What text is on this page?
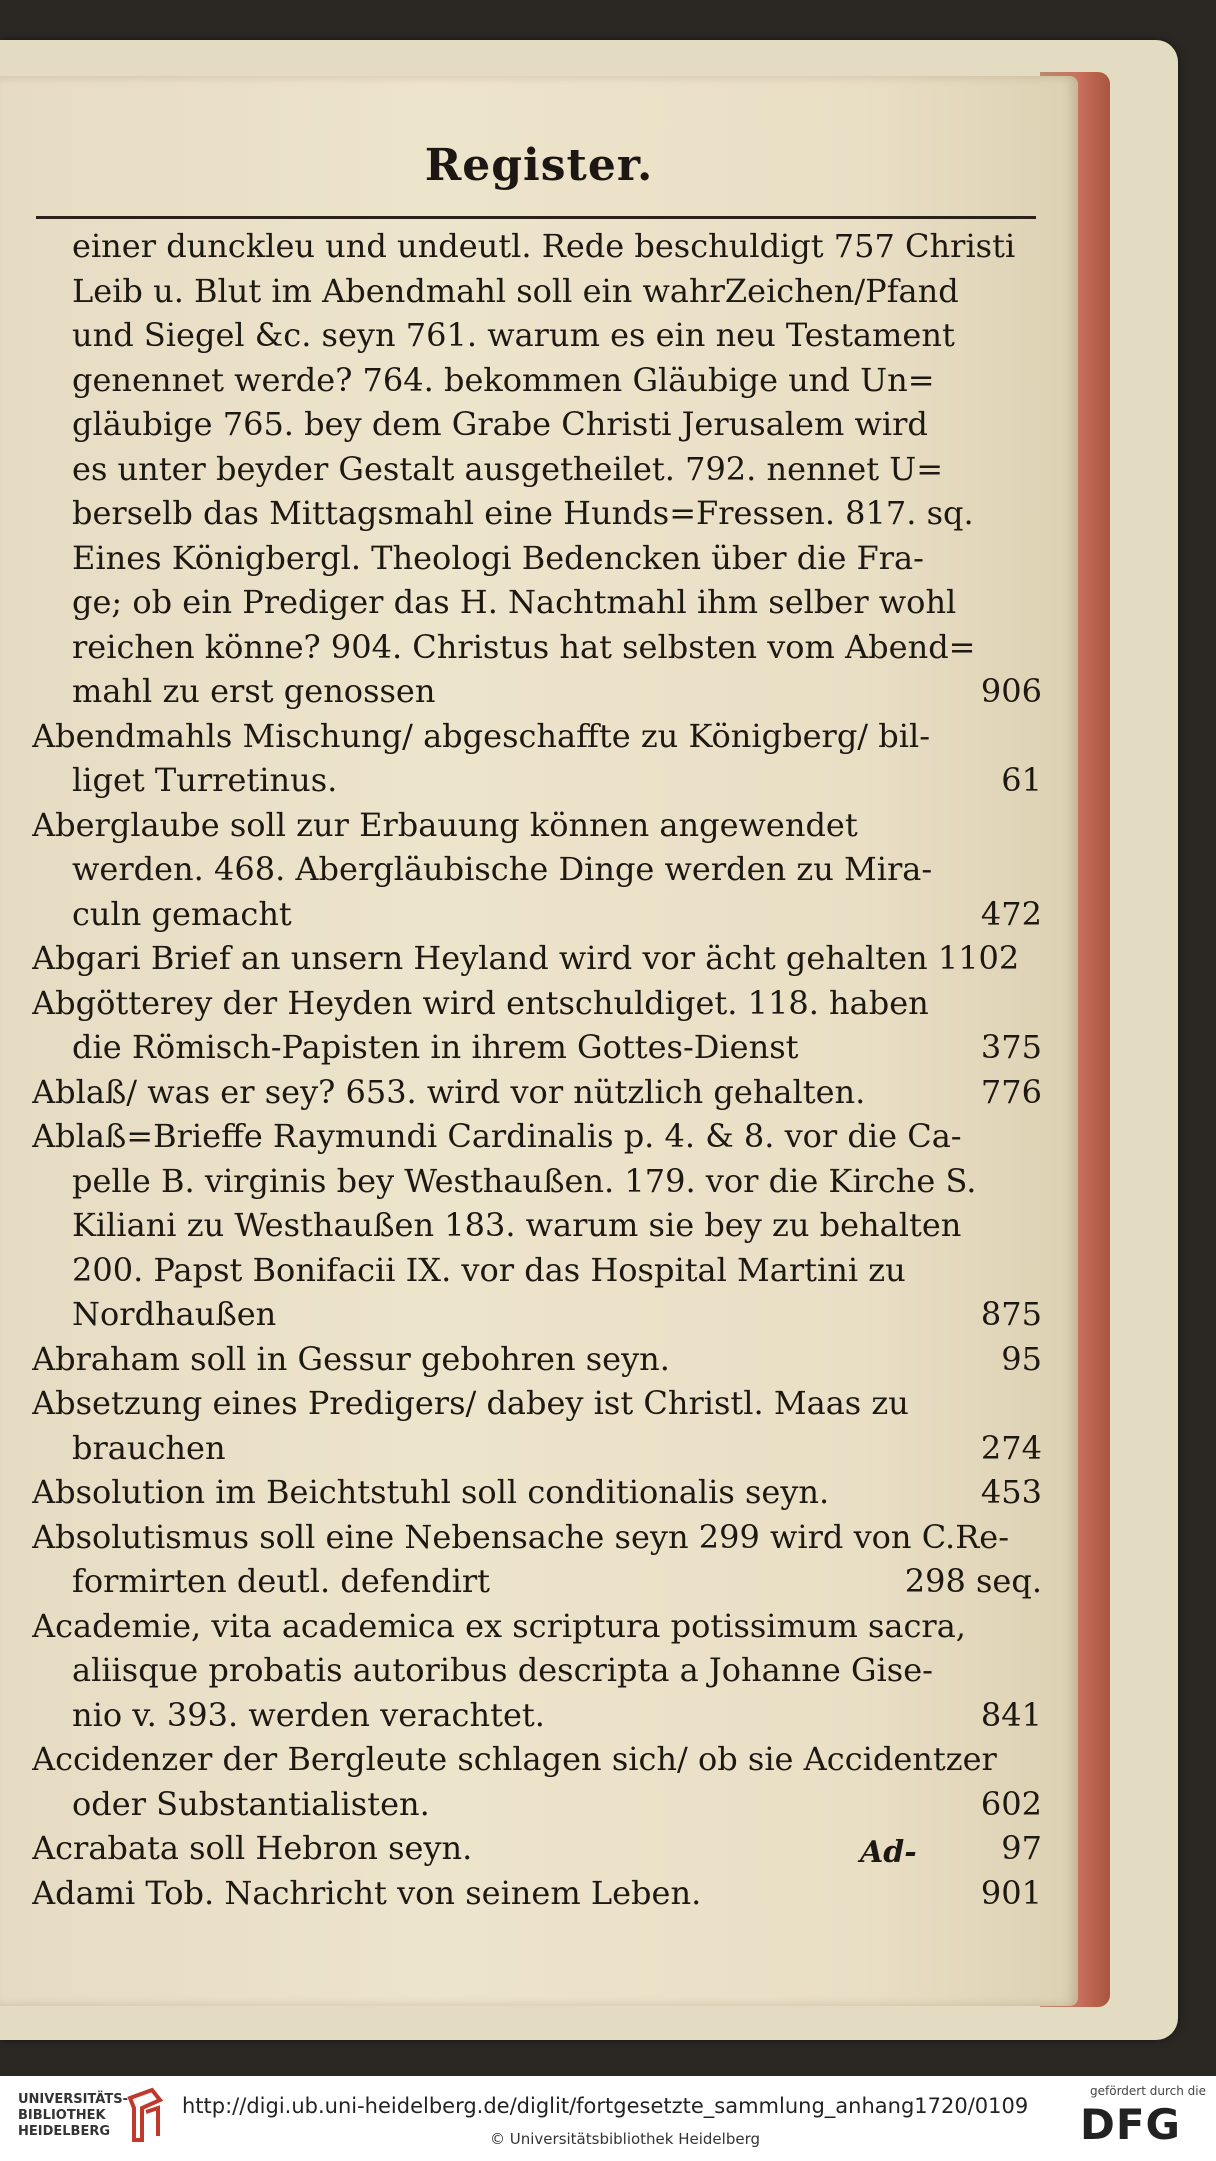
Register.
einer dunckleu und undeutl. Rede beschuldigt 757 Christi
Leib u. Blut im Abendmahl soll ein wahrZeichen/Pfand
und Siegel &c. seyn 761. warum es ein neu Testament
genennet werde? 764. bekommen Gläubige und Un=
gläubige 765. bey dem Grabe Christi Jerusalem wird
es unter beyder Gestalt ausgetheilet. 792. nennet U=
berselb das Mittagsmahl eine Hunds=Fressen. 817. sq.
Eines Königbergl. Theologi Bedencken über die Fra-
ge; ob ein Prediger das H. Nachtmahl ihm selber wohl
reichen könne? 904. Christus hat selbsten vom Abend=
mahl zu erst genossen	906
Abendmahls Mischung/ abgeschaffte zu Königberg/ bil-
liget Turretinus.	61
Aberglaube soll zur Erbauung können angewendet
werden. 468. Abergläubische Dinge werden zu Mira-
culn gemacht	472
Abgari Brief an unsern Heyland wird vor ächt gehalten 1102
Abgötterey der Heyden wird entschuldiget. 118. haben
die Römisch-Papisten in ihrem Gottes-Dienst	375
Ablaß/ was er sey? 653. wird vor nützlich gehalten.	776
Ablaß=Brieffe Raymundi Cardinalis p. 4. & 8. vor die Ca-
pelle B. virginis bey Westhaußen. 179. vor die Kirche S.
Kiliani zu Westhaußen 183. warum sie bey zu behalten
200. Papst Bonifacii IX. vor das Hospital Martini zu
Nordhaußen	875
Abraham soll in Gessur gebohren seyn.	95
Absetzung eines Predigers/ dabey ist Christl. Maas zu
brauchen	274
Absolution im Beichtstuhl soll conditionalis seyn.	453
Absolutismus soll eine Nebensache seyn 299 wird von C.Re-
formirten deutl. defendirt	298 seq.
Academie, vita academica ex scriptura potissimum sacra,
aliisque probatis autoribus descripta a Johanne Gise-
nio v. 393. werden verachtet.	841
Accidenzer der Bergleute schlagen sich/ ob sie Accidentzer
oder Substantialisten.	602
Acrabata soll Hebron seyn.	97
Adami Tob. Nachricht von seinem Leben.	901
Ad-
UNIVERSITÄTS-
BIBLIOTHEK
HEIDELBERG
http://digi.ub.uni-heidelberg.de/diglit/fortgesetzte_sammlung_anhang1720/0109
© Universitätsbibliothek Heidelberg
gefördert durch die
DFG
